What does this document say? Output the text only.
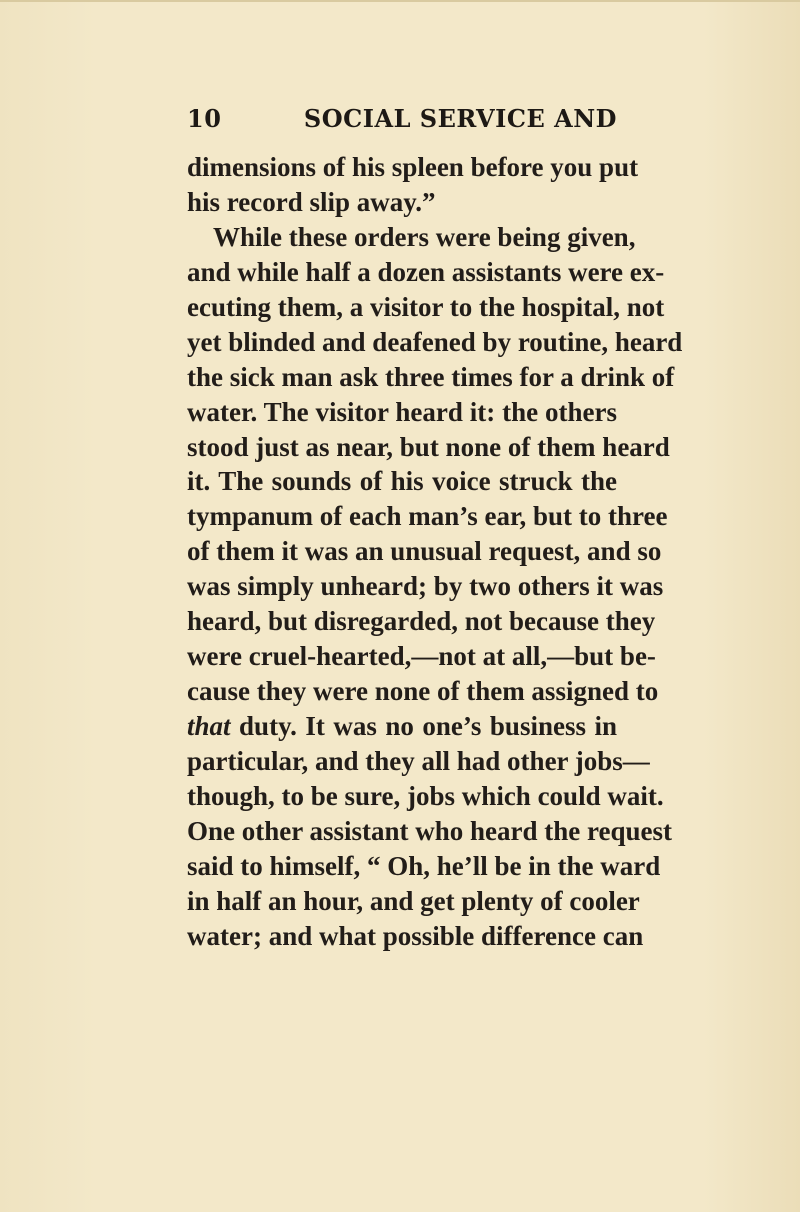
10	SOCIAL SERVICE AND
dimensions of his spleen before you put
his record slip away.”
While these orders were being given,
and while half a dozen assistants were ex-
ecuting them, a visitor to the hospital, not
yet blinded and deafened by routine, heard
the sick man ask three times for a drink of
water. The visitor heard it: the others
stood just as near, but none of them heard
it. The sounds of his voice struck the
tympanum of each man’s ear, but to three
of them it was an unusual request, and so
was simply unheard; by two others it was
heard, but disregarded, not because they
were cruel-hearted,—not at all,—but be-
cause they were none of them assigned to
that duty. It was no one’s business in
particular, and they all had other jobs—
though, to be sure, jobs which could wait.
One other assistant who heard the request
said to himself, “ Oh, he’ll be in the ward
in half an hour, and get plenty of cooler
water; and what possible difference can
